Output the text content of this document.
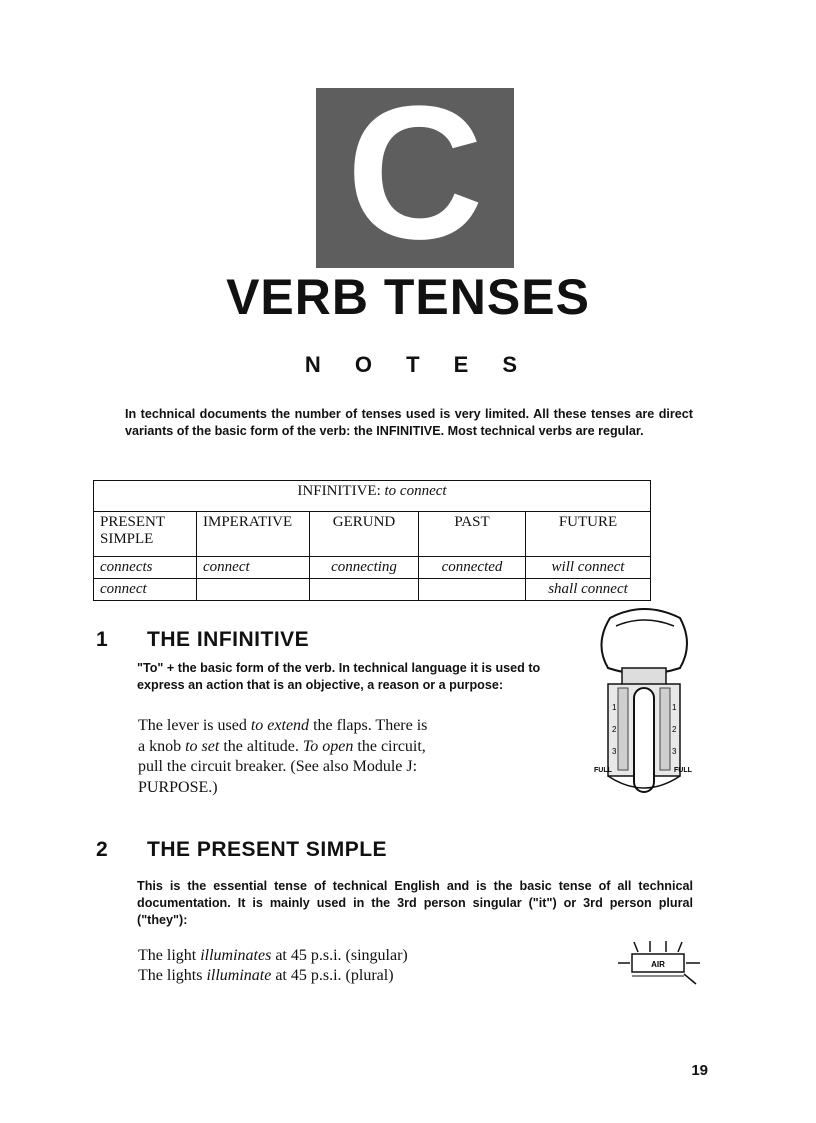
C
VERB TENSES
N O T E S
In technical documents the number of tenses used is very limited. All these tenses are direct variants of the basic form of the verb: the INFINITIVE. Most technical verbs are regular.
INFINITIVE: to connect				
PRESENT SIMPLE	IMPERATIVE	GERUND	PAST	FUTURE
connects	connect	connecting	connected	will connect
connect				shall connect
1 THE INFINITIVE
"To" + the basic form of the verb. In technical language it is used to express an action that is an objective, a reason or a purpose:
The lever is used to extend the flaps. There is a knob to set the altitude. To open the circuit, pull the circuit breaker. (See also Module J: PURPOSE.)
1	1
2	2
3	3
FULL	FULL
2 THE PRESENT SIMPLE
This is the essential tense of technical English and is the basic tense of all technical documentation. It is mainly used in the 3rd person singular ("it") or 3rd person plural ("they"):
The light illuminates at 45 p.s.i. (singular)
The lights illuminate at 45 p.s.i. (plural)
AIR
19
